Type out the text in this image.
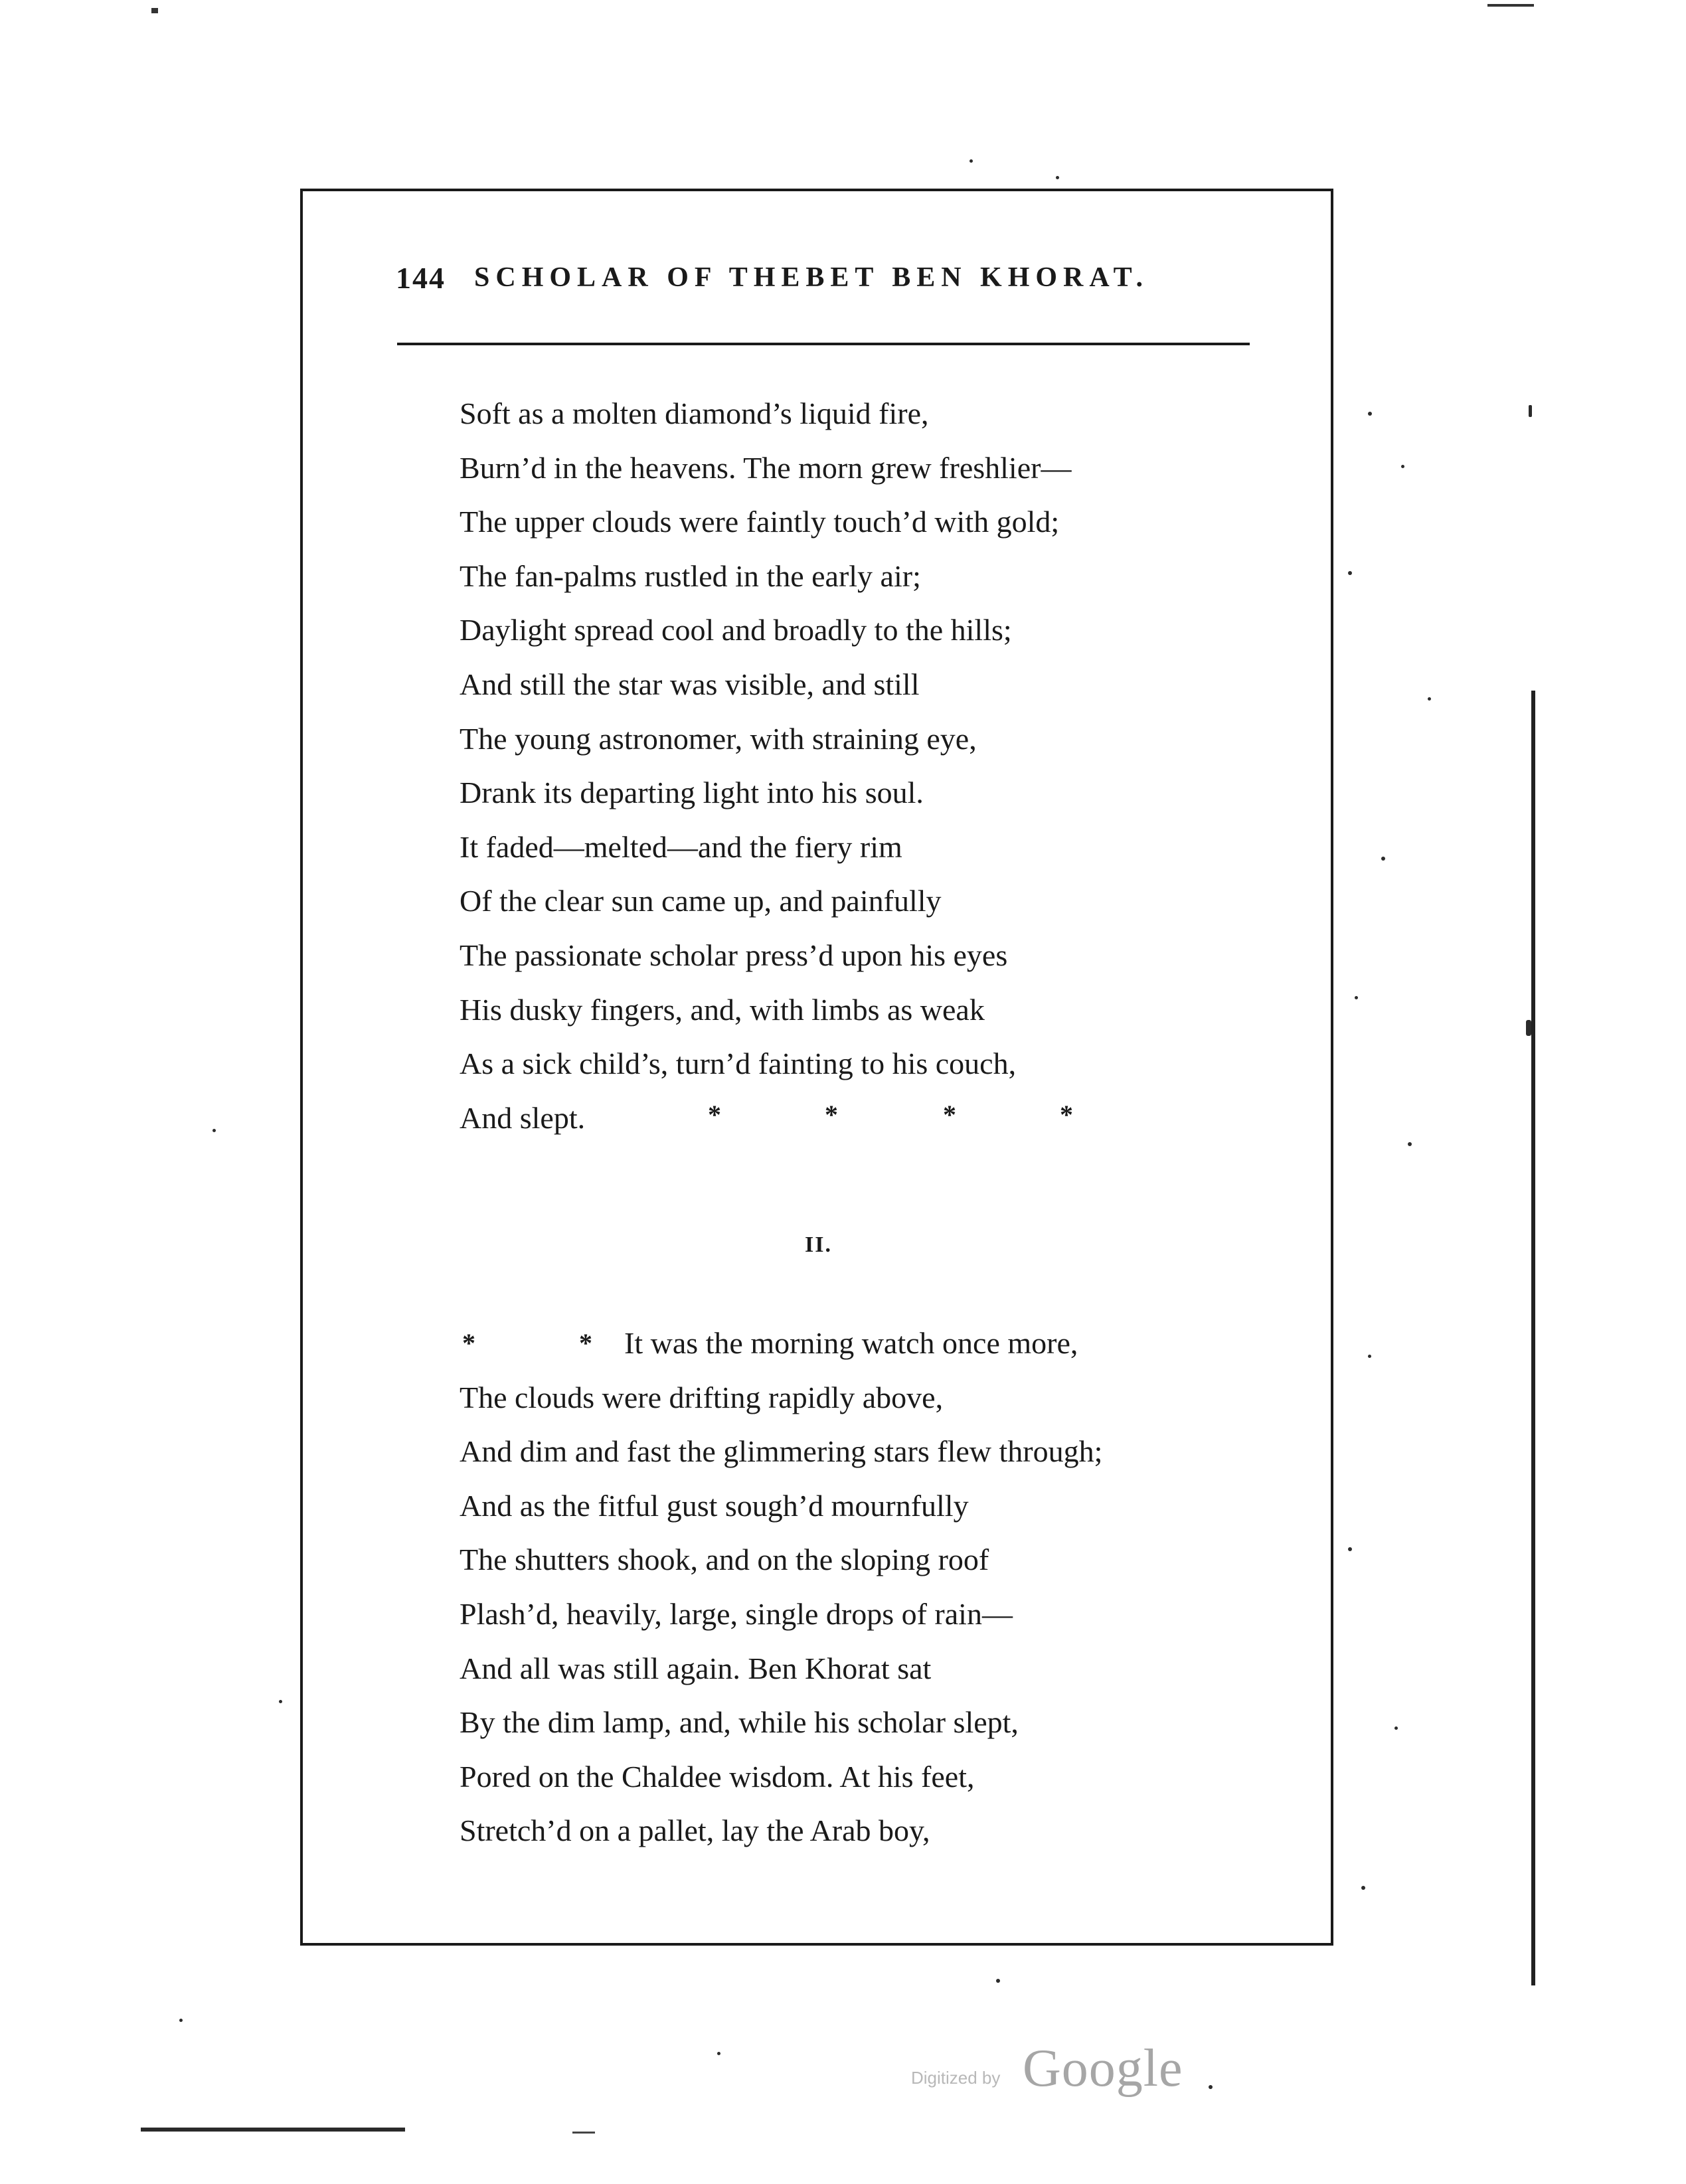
144 SCHOLAR OF THEBET BEN KHORAT.
Soft as a molten diamond’s liquid fire,
Burn’d in the heavens. The morn grew freshlier—
The upper clouds were faintly touch’d with gold;
The fan-palms rustled in the early air;
Daylight spread cool and broadly to the hills;
And still the star was visible, and still
The young astronomer, with straining eye,
Drank its departing light into his soul.
It faded—melted—and the fiery rim
Of the clear sun came up, and painfully
The passionate scholar press’d upon his eyes
His dusky fingers, and, with limbs as weak
As a sick child’s, turn’d fainting to his couch,
And slept.	*	*	*	*
II.
*	*	It was the morning watch once more,
The clouds were drifting rapidly above,
And dim and fast the glimmering stars flew through;
And as the fitful gust sough’d mournfully
The shutters shook, and on the sloping roof
Plash’d, heavily, large, single drops of rain—
And all was still again. Ben Khorat sat
By the dim lamp, and, while his scholar slept,
Pored on the Chaldee wisdom. At his feet,
Stretch’d on a pallet, lay the Arab boy,
Digitized by Google
